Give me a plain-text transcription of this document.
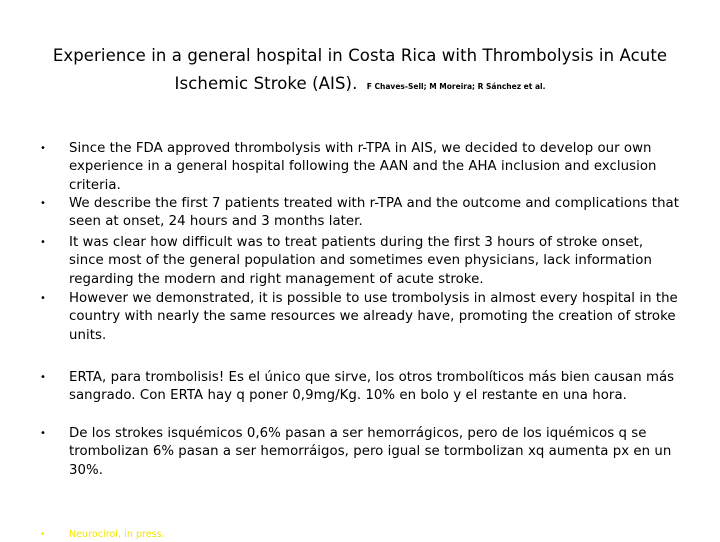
Experience in a general hospital in Costa Rica with Thrombolysis in Acute Ischemic Stroke (AIS). F Chaves-Sell; M Moreira; R Sánchez et al.
•	Since the FDA approved thrombolysis with r-TPA in AIS, we decided to develop our own experience in a general hospital following the AAN and the AHA inclusion and exclusion criteria.
•	We describe the first 7 patients treated with r-TPA and the outcome and complications that seen at onset, 24 hours and 3 months later.
•	It was clear how difficult was to treat patients during the first 3 hours of stroke onset, since most of the general population and sometimes even physicians, lack information regarding the modern and right management of acute stroke.
•	However we demonstrated, it is possible to use trombolysis in almost every hospital in the country with nearly the same resources we already have, promoting the creation of stroke units.
•	ERTA, para trombolisis! Es el único que sirve, los otros trombolíticos más bien causan más sangrado. Con ERTA hay q poner 0,9mg/Kg. 10% en bolo y el restante en una hora.
•	De los strokes isquémicos 0,6% pasan a ser hemorrágicos, pero de los iquémicos q se trombolizan 6% pasan a ser hemorráigos, pero igual se tormbolizan xq aumenta px en un 30%.
•	Neurocirol, in press.
